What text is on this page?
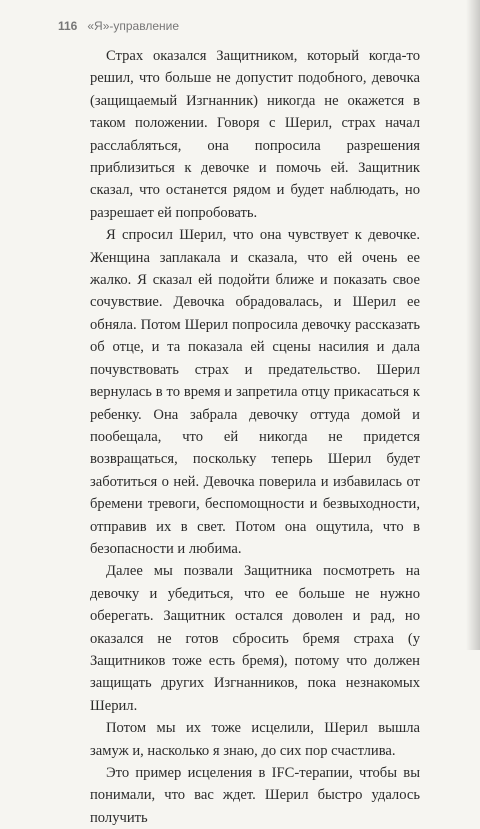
116 «Я»-управление

Страх оказался Защитником, который когда-то решил, что больше не допустит подобного, девочка (защищаемый Изгнанник) никогда не окажется в таком положении. Говоря с Шерил, страх начал расслабляться, она попросила разрешения приблизиться к девочке и помочь ей. Защитник сказал, что останется рядом и будет наблюдать, но разрешает ей попробовать.

Я спросил Шерил, что она чувствует к девочке. Женщина заплакала и сказала, что ей очень ее жалко. Я сказал ей подойти ближе и показать свое сочувствие. Девочка обрадовалась, и Шерил ее обняла. Потом Шерил попросила девочку рассказать об отце, и та показала ей сцены насилия и дала почувствовать страх и предательство. Шерил вернулась в то время и запретила отцу прикасаться к ребенку. Она забрала девочку оттуда домой и пообещала, что ей никогда не придется возвращаться, поскольку теперь Шерил будет заботиться о ней. Девочка поверила и избавилась от бремени тревоги, беспомощности и безвыходности, отправив их в свет. Потом она ощутила, что в безопасности и любима.

Далее мы позвали Защитника посмотреть на девочку и убедиться, что ее больше не нужно оберегать. Защитник остался доволен и рад, но оказался не готов сбросить бремя страха (у Защитников тоже есть бремя), потому что должен защищать других Изгнанников, пока незнакомых Шерил.

Потом мы их тоже исцелили, Шерил вышла замуж и, насколько я знаю, до сих пор счастлива.

Это пример исцеления в IFC-терапии, чтобы вы понимали, что вас ждет. Шерил быстро удалось получить
